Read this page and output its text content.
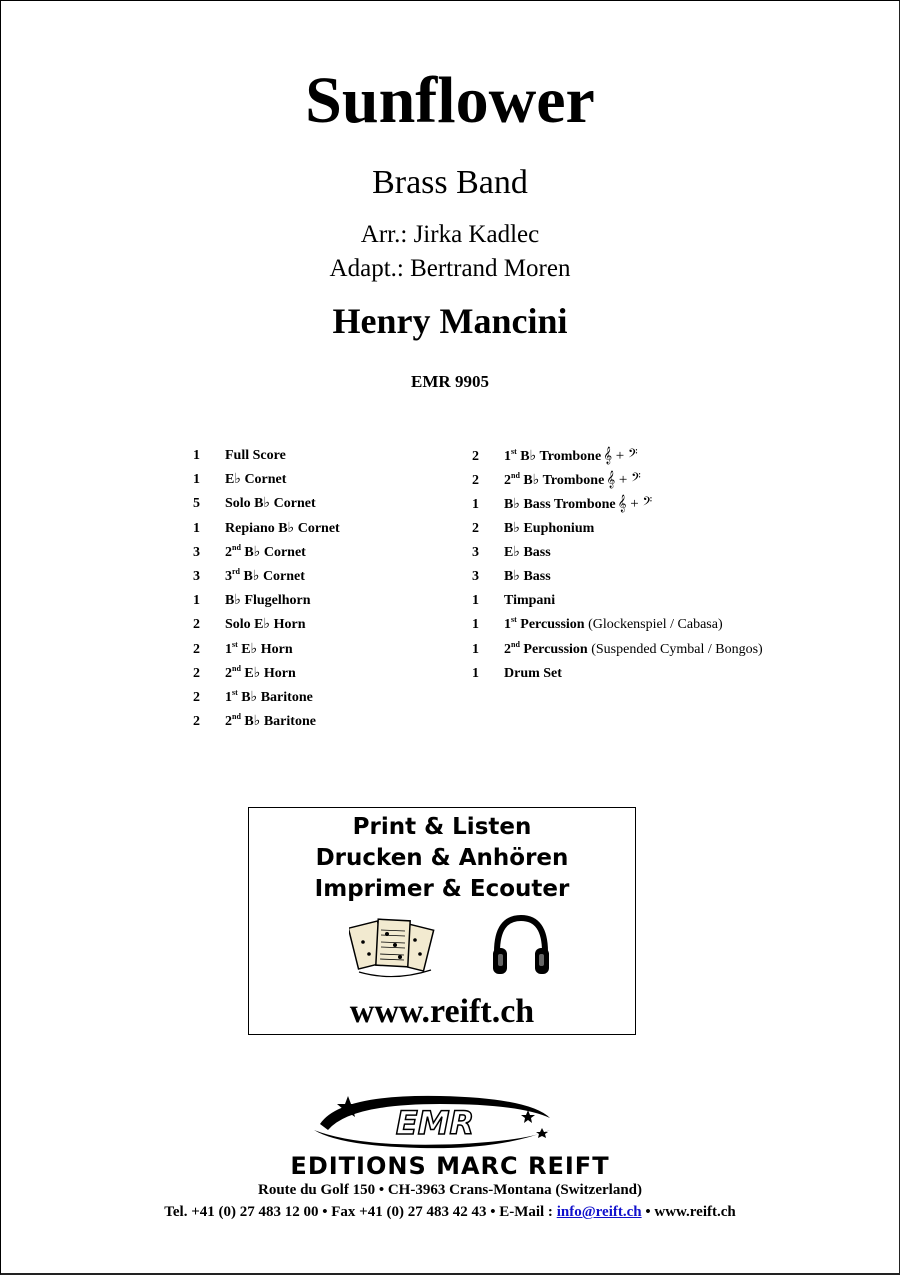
Sunflower
Brass Band
Arr.: Jirka Kadlec
Adapt.: Bertrand Moren
Henry Mancini
EMR 9905
1 Full Score
1 E♭ Cornet
5 Solo B♭ Cornet
1 Repiano B♭ Cornet
3 2nd B♭ Cornet
3 3rd B♭ Cornet
1 B♭ Flugelhorn
2 Solo E♭ Horn
2 1st E♭ Horn
2 2nd E♭ Horn
2 1st B♭ Baritone
2 2nd B♭ Baritone
2 1st B♭ Trombone 𝄞 + 𝄢
2 2nd B♭ Trombone 𝄞 + 𝄢
1 B♭ Bass Trombone 𝄞 + 𝄢
2 B♭ Euphonium
3 E♭ Bass
3 B♭ Bass
1 Timpani
1 1st Percussion (Glockenspiel / Cabasa)
1 2nd Percussion (Suspended Cymbal / Bongos)
1 Drum Set
Print & Listen
Drucken & Anhören
Imprimer & Ecouter
www.reift.ch
EMR
EDITIONS MARC REIFT
Route du Golf 150 • CH-3963 Crans-Montana (Switzerland)
Tel. +41 (0) 27 483 12 00 • Fax +41 (0) 27 483 42 43 • E-Mail : info@reift.ch • www.reift.ch
